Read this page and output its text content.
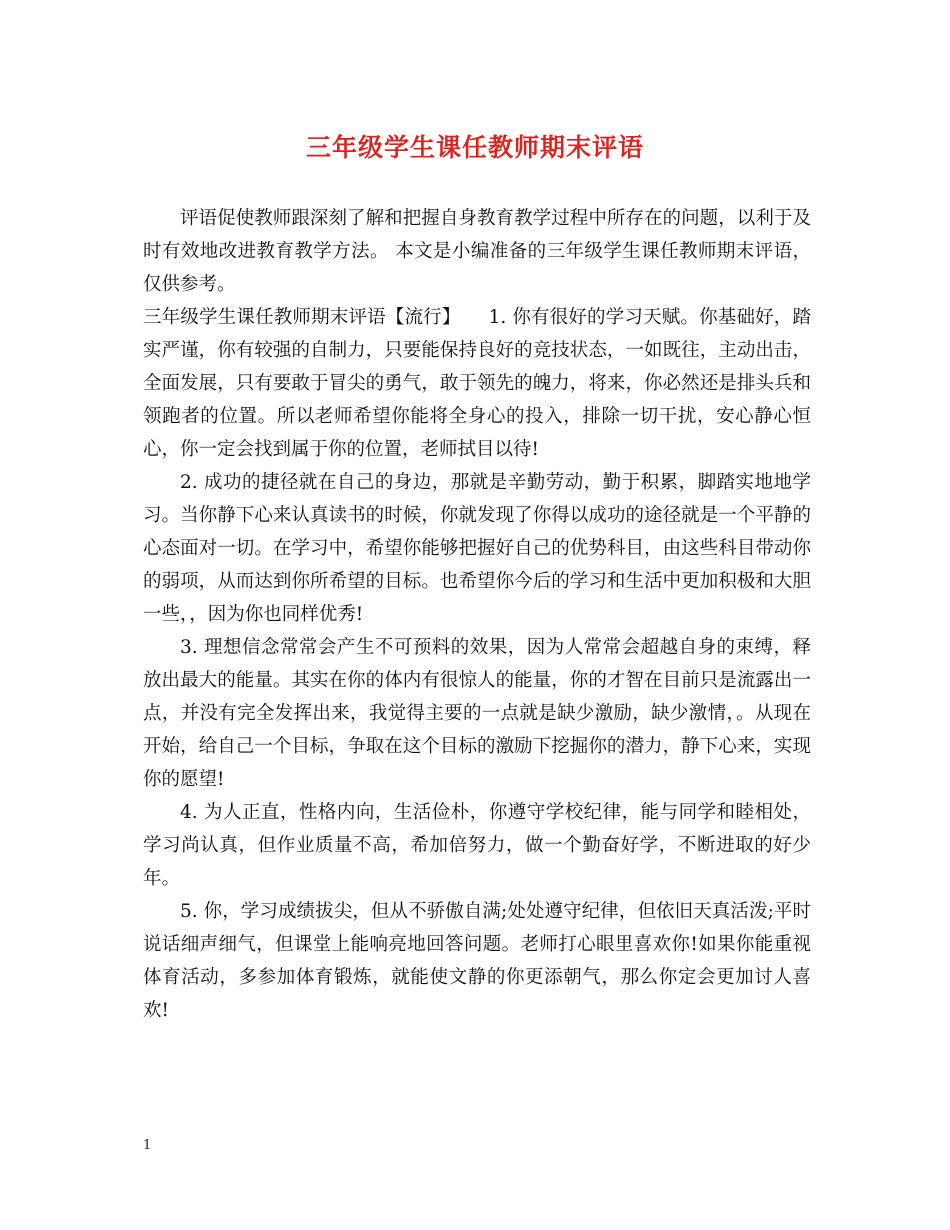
三年级学生课任教师期末评语

评语促使教师跟深刻了解和把握自身教育教学过程中所存在的问题，以利于及时有效地改进教育教学方法。 本文是小编准备的三年级学生课任教师期末评语，仅供参考。

三年级学生课任教师期末评语【流行】　　1. 你有很好的学习天赋。你基础好，踏实严谨，你有较强的自制力，只要能保持良好的竞技状态，一如既往，主动出击，全面发展，只有要敢于冒尖的勇气，敢于领先的魄力，将来，你必然还是排头兵和领跑者的位置。所以老师希望你能将全身心的投入，排除一切干扰，安心静心恒心，你一定会找到属于你的位置，老师拭目以待!

2. 成功的捷径就在自己的身边，那就是辛勤劳动，勤于积累，脚踏实地地学习。当你静下心来认真读书的时候，你就发现了你得以成功的途径就是一个平静的心态面对一切。在学习中，希望你能够把握好自己的优势科目，由这些科目带动你的弱项，从而达到你所希望的目标。也希望你今后的学习和生活中更加积极和大胆一些，，因为你也同样优秀!

3. 理想信念常常会产生不可预料的效果，因为人常常会超越自身的束缚，释放出最大的能量。其实在你的体内有很惊人的能量，你的才智在目前只是流露出一点，并没有完全发挥出来，我觉得主要的一点就是缺少激励，缺少激情，。从现在开始，给自己一个目标，争取在这个目标的激励下挖掘你的潜力，静下心来，实现你的愿望!

4. 为人正直，性格内向，生活俭朴，你遵守学校纪律，能与同学和睦相处，学习尚认真，但作业质量不高，希加倍努力，做一个勤奋好学，不断进取的好少年。

5. 你，学习成绩拔尖，但从不骄傲自满;处处遵守纪律，但依旧天真活泼;平时说话细声细气，但课堂上能响亮地回答问题。老师打心眼里喜欢你!如果你能重视体育活动，多参加体育锻炼，就能使文静的你更添朝气，那么你定会更加讨人喜欢!

1
